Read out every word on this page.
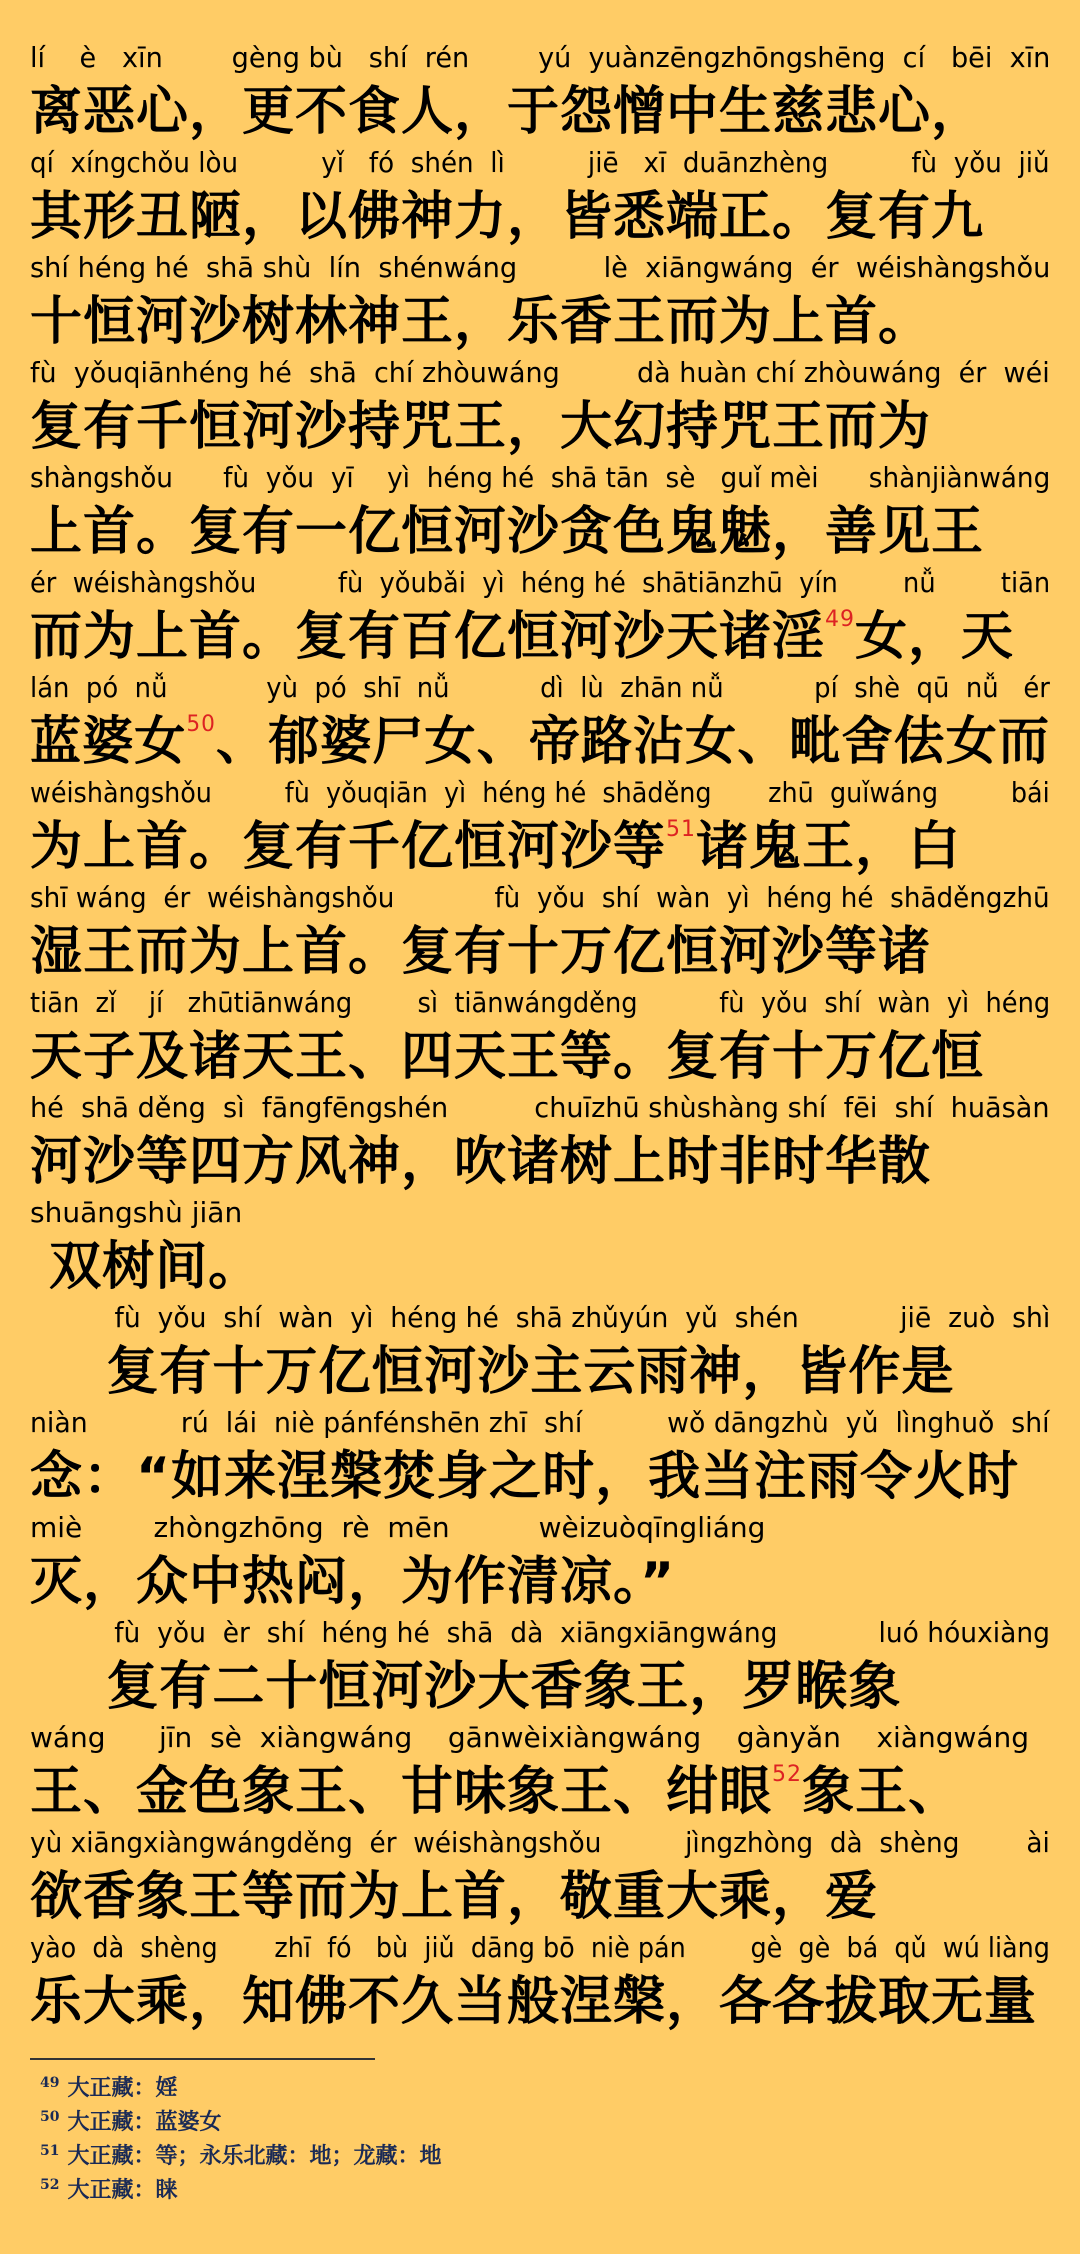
lí    è   xīn        gèng bù   shí  rén        yú  yuànzēngzhōngshēng  cí   bēi  xīn
离恶心，更不食人，于怨憎中生慈悲心，
qí  xíngchǒu lòu          yǐ   fó  shén  lì          jiē   xī  duānzhèng          fù  yǒu  jiǔ
其形丑陋，以佛神力，皆悉端正。复有九
shí héng hé  shā shù  lín  shénwáng          lè  xiāngwáng  ér  wéishàngshǒu
十恒河沙树林神王，乐香王而为上首。
fù  yǒuqiānhéng hé  shā  chí zhòuwáng         dà huàn chí zhòuwáng  ér  wéi
复有千恒河沙持咒王，大幻持咒王而为
shàngshǒu      fù  yǒu  yī    yì  héng hé  shā tān  sè   guǐ mèi      shànjiànwáng
上首。复有一亿恒河沙贪色鬼魅，善见王
ér  wéishàngshǒu          fù  yǒubǎi  yì  héng hé  shātiānzhū  yín        nǚ        tiān
而为上首。复有百亿恒河沙天诸淫$^{49}$女，天
lán  pó  nǚ            yù  pó  shī  nǚ           dì  lù  zhān nǚ           pí  shè  qū  nǚ   ér
蓝婆女$^{50}$、郁婆尸女、帝路沾女、毗舍佉女而
wéishàngshǒu         fù  yǒuqiān  yì  héng hé  shāděng       zhū  guǐwáng         bái
为上首。复有千亿恒河沙等$^{51}$诸鬼王，白
shī wáng  ér  wéishàngshǒu            fù  yǒu  shí  wàn  yì  héng hé  shāděngzhū
湿王而为上首。复有十万亿恒河沙等诸
tiān  zǐ    jí   zhūtiānwáng        sì  tiānwángděng          fù  yǒu  shí  wàn  yì  héng
天子及诸天王、四天王等。复有十万亿恒
hé  shā děng  sì  fāngfēngshén          chuīzhū shùshàng shí  fēi  shí  huāsàn
河沙等四方风神，吹诸树上时非时华散
shuāngshù jiān
双树间。
fù  yǒu  shí  wàn  yì  héng hé  shā zhǔyún  yǔ  shén            jiē  zuò  shì
复有十万亿恒河沙主云雨神，皆作是
niàn           rú  lái  niè pánfénshēn zhī  shí          wǒ dāngzhù  yǔ  lìnghuǒ  shí
念：“如来涅槃焚身之时，我当注雨令火时
miè        zhòngzhōng  rè  mēn          wèizuòqīngliáng
灭，众中热闷，为作清凉。”
fù  yǒu  èr  shí  héng hé  shā  dà  xiāngxiāngwáng            luó hóuxiàng
复有二十恒河沙大香象王，罗睺象
wáng      jīn  sè  xiàngwáng    gānwèixiàngwáng    gànyǎn    xiàngwáng
王、金色象王、甘味象王、绀眼$^{52}$象王、
yù xiāngxiàngwángděng  ér  wéishàngshǒu          jìngzhòng  dà  shèng        ài
欲香象王等而为上首，敬重大乘，爱
yào  dà  shèng       zhī  fó   bù  jiǔ  dāng bō  niè pán        gè  gè  bá  qǔ  wú liàng
乐大乘，知佛不久当般涅槃，各各拔取无量
$^{49}$ 大正藏：婬
$^{50}$ 大正藏：蓝婆女
$^{51}$ 大正藏：等；永乐北藏：地；龙藏：地
$^{52}$ 大正藏：睐
